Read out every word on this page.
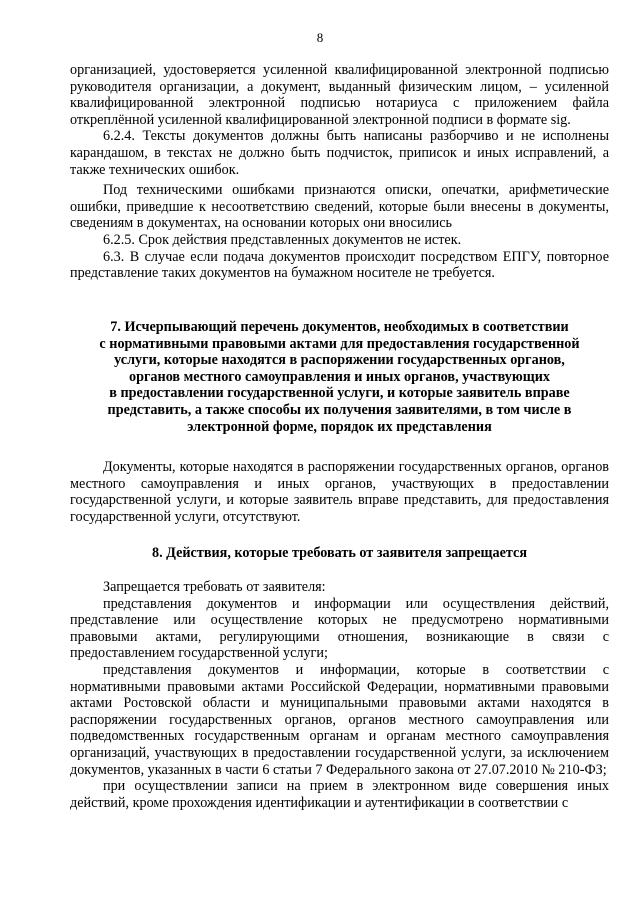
8

организацией, удостоверяется усиленной квалифицированной электронной подписью руководителя организации, а документ, выданный физическим лицом, – усиленной квалифицированной электронной подписью нотариуса с приложением файла откреплённой усиленной квалифицированной электронной подписи в формате sig.

6.2.4. Тексты документов должны быть написаны разборчиво и не исполнены карандашом, в текстах не должно быть подчисток, приписок и иных исправлений, а также технических ошибок.

Под техническими ошибками признаются описки, опечатки, арифметические ошибки, приведшие к несоответствию сведений, которые были внесены в документы, сведениям в документах, на основании которых они вносились

6.2.5. Срок действия представленных документов не истек.

6.3. В случае если подача документов происходит посредством ЕПГУ, повторное представление таких документов на бумажном носителе не требуется.

7. Исчерпывающий перечень документов, необходимых в соответствии

с нормативными правовыми актами для предоставления государственной

услуги, которые находятся в распоряжении государственных органов,

органов местного самоуправления и иных органов, участвующих

в предоставлении государственной услуги, и которые заявитель вправе

представить, а также способы их получения заявителями, в том числе в

электронной форме, порядок их представления

Документы, которые находятся в распоряжении государственных органов, органов местного самоуправления и иных органов, участвующих в предоставлении государственной услуги, и которые заявитель вправе представить, для предоставления государственной услуги, отсутствуют.

8. Действия, которые требовать от заявителя запрещается

Запрещается требовать от заявителя:

представления документов и информации или осуществления действий, представление или осуществление которых не предусмотрено нормативными правовыми актами, регулирующими отношения, возникающие в связи с предоставлением государственной услуги;

представления документов и информации, которые в соответствии с нормативными правовыми актами Российской Федерации, нормативными правовыми актами Ростовской области и муниципальными правовыми актами находятся в распоряжении государственных органов, органов местного самоуправления или подведомственных государственным органам и органам местного самоуправления организаций, участвующих в предоставлении государственной услуги, за исключением документов, указанных в части 6 статьи 7 Федерального закона от 27.07.2010 № 210-ФЗ;

при осуществлении записи на прием в электронном виде совершения иных действий, кроме прохождения идентификации и аутентификации в соответствии с
